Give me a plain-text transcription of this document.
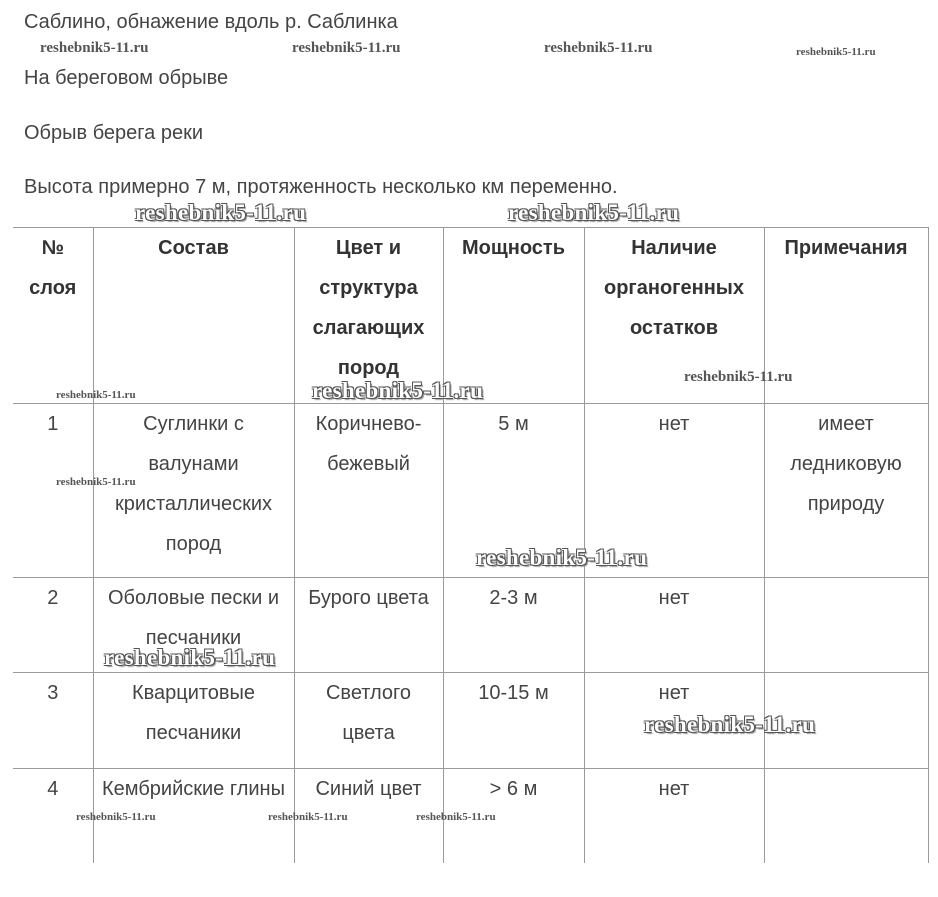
Саблино, обнажение вдоль р. Саблинка
На береговом обрыве
Обрыв берега реки
Высота примерно 7 м, протяженность несколько км переменно.
№ слоя	Состав	Цвет и структура слагающих пород	Мощность	Наличие органогенных остатков	Примечания
1	Суглинки с валунами кристаллических пород	Коричнево-бежевый	5 м	нет	имеет ледниковую природу
2	Оболовые пески и песчаники	Бурого цвета	2-3 м	нет	
3	Кварцитовые песчаники	Светлого цвета	10-15 м	нет	
4	Кембрийские глины	Синий цвет	> 6 м	нет	
reshebnik5-11.ru	reshebnik5-11.ru	reshebnik5-11.ru	reshebnik5-11.ru
reshebnik5-11.ru	reshebnik5-11.ru
reshebnik5-11.ru	reshebnik5-11.ru
reshebnik5-11.ru
reshebnik5-11.ru
reshebnik5-11.ru
reshebnik5-11.ru
reshebnik5-11.ru
reshebnik5-11.ru	reshebnik5-11.ru	reshebnik5-11.ru
